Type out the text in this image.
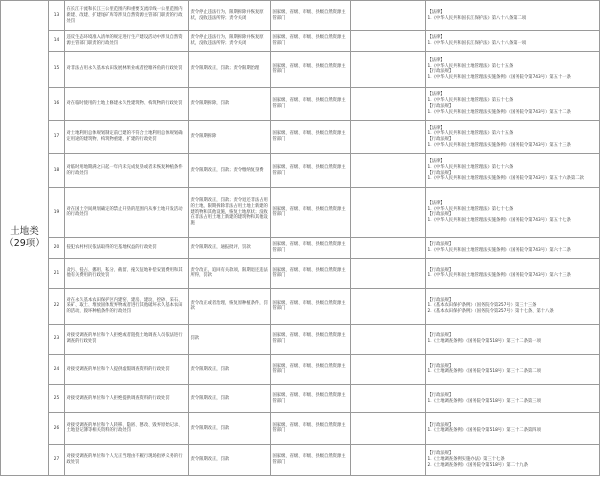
土地类
（29项）	13	在长江干流和长江三公里范围内和重要支流岸线一公里范围内新建、改建、扩建尾矿库等涉及自然资源主管部门职责的行政处罚	责令停止违法行为，限期拆除并恢复原状，没收违法所得；责令关闭	国家级、省级、市级、县级自然资源主管部门		【法律】
1.《中华人民共和国长江保护法》第八十八条第二项

	14	违反生态环境准入清单的规定进行生产建设活动中涉及自然资源主管部门职责的行政处罚	责令停止违法行为，限期拆除并恢复原状，没收违法所得；责令关闭	国家级、省级、市级、县级自然资源主管部门		【法律】
1.《中华人民共和国长江保护法》第八十八条第一项

	15	对非法占用永久基本农田发展林果业或者挖塘养鱼的行政处罚	责令限期改正，罚款；责令限期治理	国家级、省级、市级、县级自然资源主管部门		【法律】
1.《中华人民共和国土地管理法》第七十五条
【行政法规】
1.《中华人民共和国土地管理法实施条例》（国务院令第743号）第五十一条

	16	对在临时使用的土地上修建永久性建筑物、构筑物的行政处罚	责令限期拆除，罚款	国家级、省级、市级、县级自然资源主管部门		【法律】
1.《中华人民共和国土地管理法》第五十七条
【行政法规】
1.《中华人民共和国土地管理法实施条例》（国务院令第743号）第五十二条

	17	对土地利用总体规划制定前已建的不符合土地利用总体规划确定用途的建筑物、构筑物重建、扩建的行政处罚	责令限期拆除	国家级、省级、市级、县级自然资源主管部门		【法律】
1.《中华人民共和国土地管理法》第六十五条
【行政法规】
1.《中华人民共和国土地管理法实施条例》（国务院令第743号）第五十三条

	18	对临时用地期满之日起一年内未完成复垦或者未恢复种植条件的行政处罚	责令限期改正，罚款；责令缴纳复垦费	国家级、省级、市级、县级自然资源主管部门		【法律】
1.《中华人民共和国土地管理法》第七十六条
【行政法规】
1.《中华人民共和国土地管理法实施条例》（国务院令第743号）第五十六条第二款

	19	对在国土空间规划确定的禁止开垦的范围内从事土地开发活动的行政处罚	责令限期改正，罚款；责令退还非法占用的土地，限期拆除非法占用土地上新建的建筑物和其他设施，恢复土地原状；没收在非法占用土地上新建的建筑物和其他设施	国家级、省级、市级、县级自然资源主管部门		【法律】
1.《中华人民共和国土地管理法》第七十七条
【行政法规】
1.《中华人民共和国土地管理法实施条例》（国务院令第743号）第五十七条

	20	侵犯农村村民依法取得的宅基地权益的行政处罚	责令限期改正，通报批评，罚款	国家级、省级、市级、县级自然资源主管部门		【行政法规】
1.《中华人民共和国土地管理法实施条例》（国务院令第743号）第六十二条

	21	贪污、侵占、挪用、私分、截留、拖欠征地补偿安置费用和其他有关费用的行政处罚	责令改正，追回有关款项，限期退还违法所得，罚款	国家级、省级、市级、县级自然资源主管部门		【行政法规】
1.《中华人民共和国土地管理法实施条例》（国务院令第743号）第六十三条

	22	对在永久基本农田保护区内建窑、建房、建坟、挖砂、采石、采矿、取土、堆放固体废弃物或者进行其他破坏永久基本农田的活动，毁坏种植条件的行政处罚	责令改正或者治理，恢复原种植条件，罚款	国家级、省级、市级、县级自然资源主管部门		【行政法规】
1.《基本农田保护条例》（国务院令第257号）第三十三条
2.《基本农田保护条例》（国务院令第257号）第十七条、第十八条

	23	对接受调查的单位和个人拒绝或者阻挠土地调查人员依法进行调查的行政处罚	罚款	国家级、省级、市级、县级自然资源主管部门		【行政法规】
1.《土地调查条例》（国务院令第518号）第三十二条第一项

	24	对接受调查的单位和个人提供虚假调查资料的行政处罚	责令限期改正，罚款	国家级、省级、市级、县级自然资源主管部门		【行政法规】
1.《土地调查条例》（国务院令第518号）第三十二条第二项

	25	对接受调查的单位和个人拒绝提供调查资料的行政处罚	责令限期改正，罚款	国家级、省级、市级、县级自然资源主管部门		【行政法规】
1.《土地调查条例》（国务院令第518号）第三十二条第三项

	26	对接受调查的单位和个人转移、隐匿、篡改、毁弃原始记录、土地登记簿等相关资料的行政处罚	责令限期改正，罚款	国家级、省级、市级、县级自然资源主管部门		【行政法规】
1.《土地调查条例》（国务院令第518号）第三十二条第四项

	27	对接受调查的单位和个人无正当理由不履行现场指界义务的行政处罚	责令限期改正，罚款	国家级、省级、市级、县级自然资源主管部门		【行政法规】
1.《土地调查条例实施办法》第三十七条
2.《土地调查条例》（国务院令第518号）第二十九条
